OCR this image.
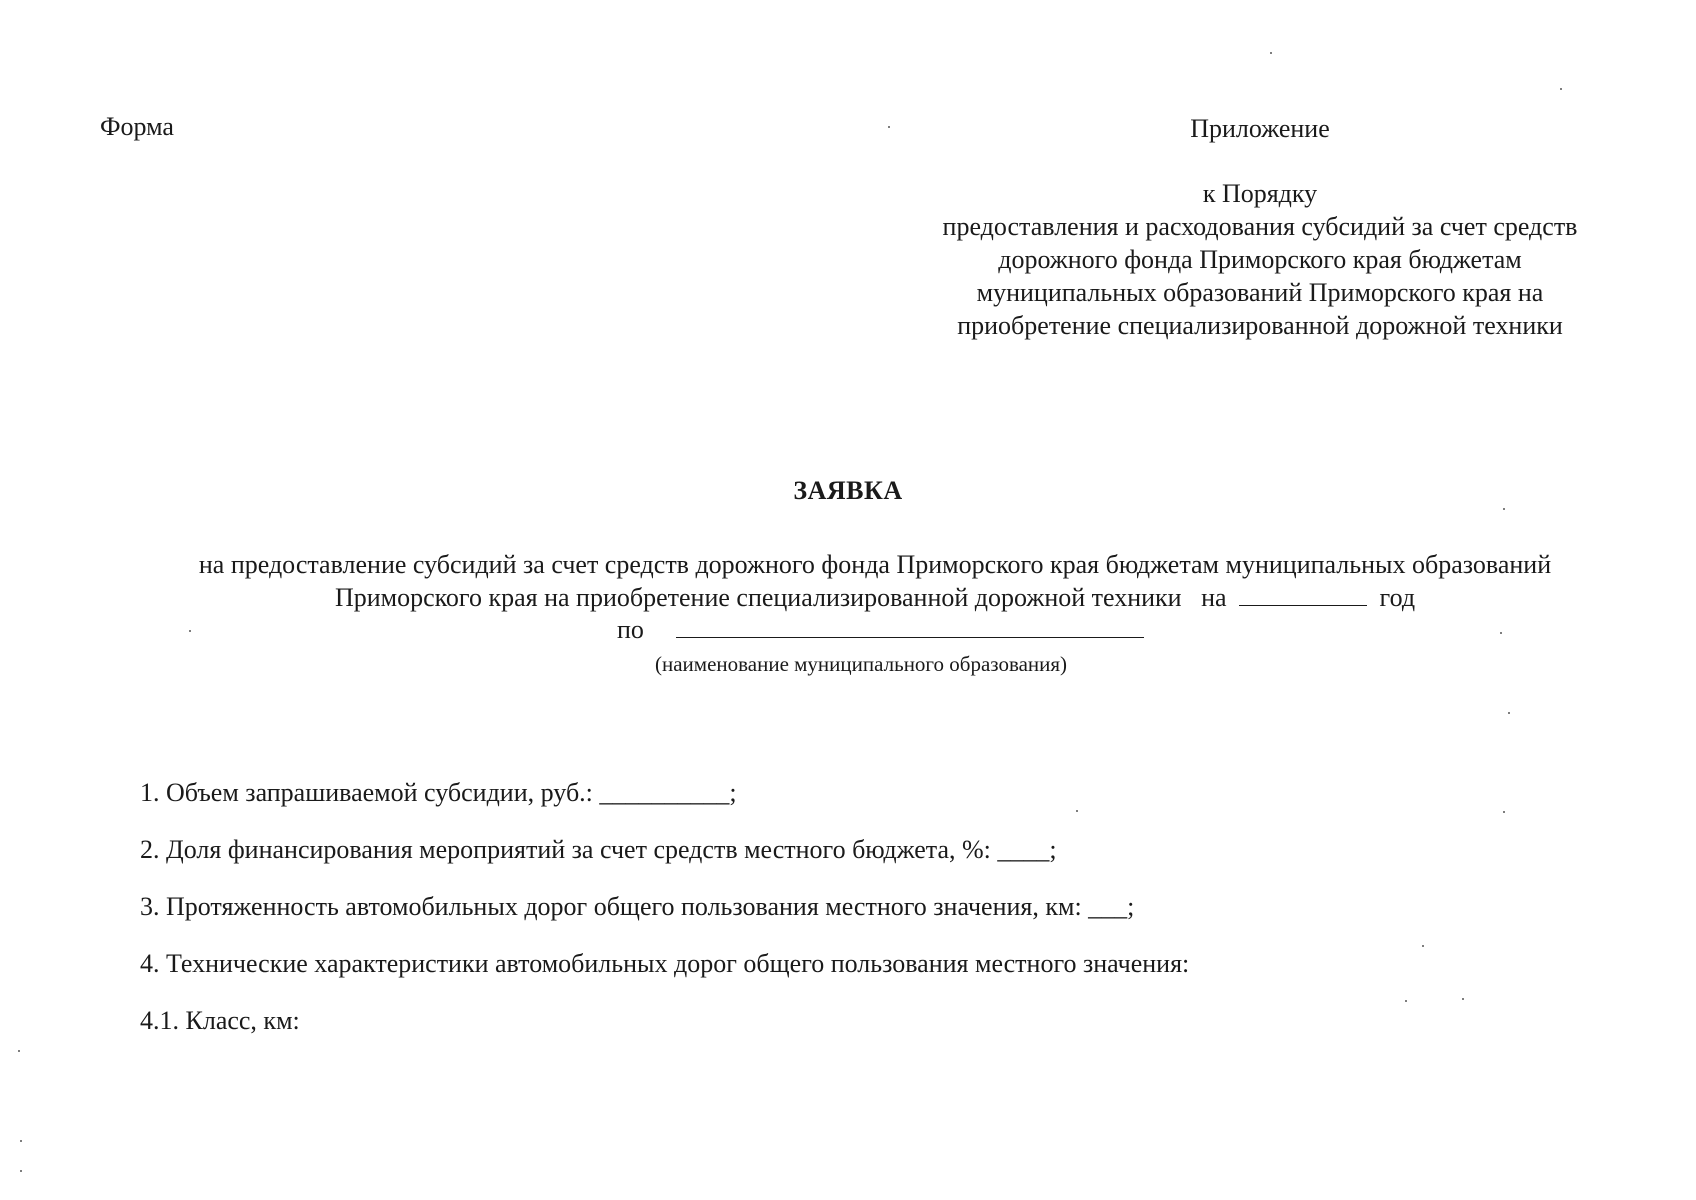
Форма	Приложение
к Порядку
предоставления и расходования субсидий за счет средств
дорожного фонда Приморского края бюджетам
муниципальных образований Приморского края на
приобретение специализированной дорожной техники
ЗАЯВКА
на предоставление субсидий за счет средств дорожного фонда Приморского края бюджетам муниципальных образований
Приморского края на приобретение специализированной дорожной техники   на	год
по
(наименование муниципального образования)
1. Объем запрашиваемой субсидии, руб.: __________;
2. Доля финансирования мероприятий за счет средств местного бюджета, %: ____;
3. Протяженность автомобильных дорог общего пользования местного значения, км: ___;
4. Технические характеристики автомобильных дорог общего пользования местного значения:
4.1. Класс, км:
